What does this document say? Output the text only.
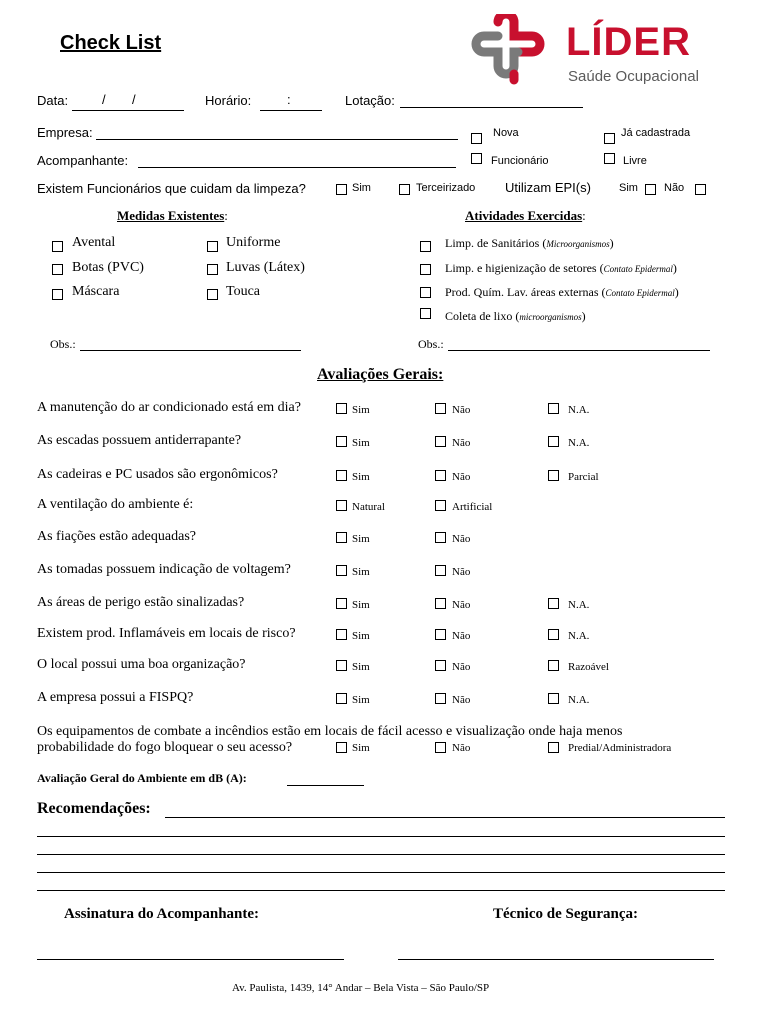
Check List	LÍDER
Saúde Ocupacional
Data:	/ /	Horário:	:	Lotação:
Empresa:	Nova	Já cadastrada
Acompanhante:	Funcionário	Livre
Existem Funcionários que cuidam da limpeza?	Sim	Terceirizado Utilizam EPI(s)	Sim Não
Medidas Existentes:
Avental	Uniforme
Botas (PVC)	Luvas (Látex)
Máscara	Touca
Obs.:
Atividades Exercidas:
Limp. de Sanitários (Microorganismos)
Limp. e higienização de setores (Contato Epidermal)
Prod. Quím. Lav. áreas externas (Contato Epidermal)
Coleta de lixo (microorganismos)
Obs.:
Avaliações Gerais:
A manutenção do ar condicionado está em dia?	Sim	Não	N.A.
As escadas possuem antiderrapante?	Sim	Não	N.A.
As cadeiras e PC usados são ergonômicos?	Sim	Não	Parcial
A ventilação do ambiente é:	Natural	Artificial
As fiações estão adequadas?	Sim	Não
As tomadas possuem indicação de voltagem?	Sim	Não
As áreas de perigo estão sinalizadas?	Sim	Não	N.A.
Existem prod. Inflamáveis em locais de risco?	Sim	Não	N.A.
O local possui uma boa organização?	Sim	Não	Razoável
A empresa possui a FISPQ?	Sim	Não	N.A.
Os equipamentos de combate a incêndios estão em locais de fácil acesso e visualização onde haja menos
probabilidade do fogo bloquear o seu acesso?	Sim	Não	Predial/Administradora
Avaliação Geral do Ambiente em dB (A):
Recomendações:
Assinatura do Acompanhante:	Técnico de Segurança:
Av. Paulista, 1439, 14° Andar – Bela Vista – São Paulo/SP
